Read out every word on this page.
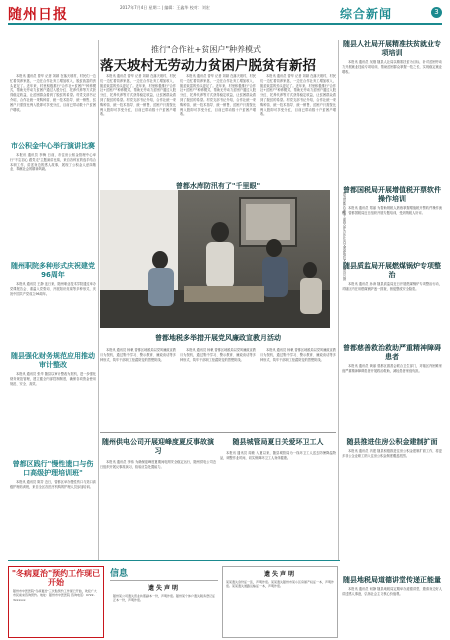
随州日报	2017年7月4日 星期二 | 编辑：王鑫华 校对：刘宏	综合新闻	3
推行"合作社+贫困户"种养模式
落天坡村无劳动力贫困户脱贫有新招
本报讯 通讯员 曾华 记者 刘颖 在落天坡村，村民们一边忙着饲养家禽，一边在合作社务工增加收入，脱贫致富的劲头更足了。近年来，村里积极推行"合作社+贫困户"种养模式，帮助无劳动力贫困户通过入股分红、托养代养等方式获得稳定收益，让贫困群众看到了脱贫的希望。村党支部书记介绍，合作社统一采购种苗、统一技术指导、统一销售，贫困户只需按比例入股即可享受分红，目前已带动数十户贫困户增收。
本报讯 通讯员 曾华 记者 刘颖 在落天坡村，村民们一边忙着饲养家禽，一边在合作社务工增加收入，脱贫致富的劲头更足了。近年来，村里积极推行"合作社+贫困户"种养模式，帮助无劳动力贫困户通过入股分红、托养代养等方式获得稳定收益，让贫困群众看到了脱贫的希望。村党支部书记介绍，合作社统一采购种苗、统一技术指导、统一销售，贫困户只需按比例入股即可享受分红，目前已带动数十户贫困户增收。
本报讯 通讯员 曾华 记者 刘颖 在落天坡村，村民们一边忙着饲养家禽，一边在合作社务工增加收入，脱贫致富的劲头更足了。近年来，村里积极推行"合作社+贫困户"种养模式，帮助无劳动力贫困户通过入股分红、托养代养等方式获得稳定收益，让贫困群众看到了脱贫的希望。村党支部书记介绍，合作社统一采购种苗、统一技术指导、统一销售，贫困户只需按比例入股即可享受分红，目前已带动数十户贫困户增收。
本报讯 通讯员 曾华 记者 刘颖 在落天坡村，村民们一边忙着饲养家禽，一边在合作社务工增加收入，脱贫致富的劲头更足了。近年来，村里积极推行"合作社+贫困户"种养模式，帮助无劳动力贫困户通过入股分红、托养代养等方式获得稳定收益，让贫困群众看到了脱贫的希望。村党支部书记介绍，合作社统一采购种苗、统一技术指导、统一销售，贫困户只需按比例入股即可享受分红，目前已带动数十户贫困户增收。
市公积金中心举行演讲比赛
本报讯 通讯员 李梅 日前，市住房公积金管理中心举行"不忘初心 跟党走"主题演讲比赛，来自各科室的选手结合本职工作，讲述身边的感人故事，展现了公积金人爱岗敬业、奉献社会的精神风貌。
随州职院多种形式庆祝建党96周年
本报讯 通讯员 王静 连日来，随州职业技术学院通过举办党课报告会、重温入党誓词、开展知识竞赛等多种形式，庆祝中国共产党成立96周年。
随县强化财务规范应用推动审计整改
本报讯 通讯员 张华 随县以审计整改为契机，进一步强化财务规范管理，建立健全内部控制制度，确保各项资金使用规范、安全、高效。
曾都区践行"慢性遗口与伤口高级护理培训班"
本报讯 通讯员 陈芳 近日，曾都区举办慢性伤口与造口高级护理培训班，来自全区各医疗机构的护理人员参加培训。
曾都水库防汛有了"千里眼"
图为曾都区某镇干部群众在合作社内交流养殖技术。 通讯员 摄
曾都地税多举措开展党风廉政宣教月活动
本报讯 通讯员 杨帆 曾都区地税局以党风廉政宣教月为契机，通过集中学习、警示教育、廉政谈话等多种形式，筑牢干部职工拒腐防变的思想防线。
本报讯 通讯员 杨帆 曾都区地税局以党风廉政宣教月为契机，通过集中学习、警示教育、廉政谈话等多种形式，筑牢干部职工拒腐防变的思想防线。
本报讯 通讯员 杨帆 曾都区地税局以党风廉政宣教月为契机，通过集中学习、警示教育、廉政谈话等多种形式，筑牢干部职工拒腐防变的思想防线。
随州供电公司开展迎峰度夏反事故演习
本报讯 通讯员 李伟 为确保迎峰度夏期间电网安全稳定运行，随州供电公司近日组织开展反事故演习，检验应急处置能力。
随县城管局夏日关爱环卫工人
本报讯 通讯员 周敏 入夏以来，随县城管局为一线环卫工人送去防暑降温物品，调整作业时间，切实保障环卫工人身体健康。
随县人社局开展精准扶贫就业专项培训
本报讯 通讯员 吴刚 随县人社局以精准扶贫为目标，针对贫困劳动力开展就业技能专项培训，帮助贫困群众掌握一技之长，实现稳定就业增收。
曾都国税局开展增值税开票软件操作培训
本报讯 通讯员 郑丽 为帮助纳税人熟练掌握增值税开票软件操作流程，曾都国税局近日组织开展专题培训，受到纳税人好评。
随县质监局开展燃煤锅炉专项整治
本报讯 通讯员 孙涛 随县质监局近日开展燃煤锅炉专项整治行动，对辖区内在用燃煤锅炉逐一排查，督促整改安全隐患。
曾都慈善救治救助严重精神障碍患者
本报讯 通讯员 黄丽 曾都区慈善会联合卫生部门，对辖区内困难家庭严重精神障碍患者开展救治救助，减轻患者家庭负担。
随县推进住房公积金建制扩面
本报讯 通讯员 冯建 随县积极推进住房公积金建制扩面工作，将更多非公企业职工纳入住房公积金制度覆盖范围。
随县地税局道德讲堂传递正能量
本报讯 通讯员 何静 随县地税局定期举办道德讲堂，邀请身边好人讲述感人事迹，弘扬社会主义核心价值观。
"冬病夏治"预约工作现已开始
随州市中医医院"冬病夏治"三伏贴预约工作现已开始，欢迎广大市民前来咨询预约。地址：随州市中医医院 咨询电话：0722-3xxxxxx
信息
遗失声明
随州某公司遗失营业执照副本一份，声明作废。随州某个体户遗失税务登记证正本一份，声明作废。
遗失声明
某某遗失身份证一张，声明作废。某某遗失随州市某小区房屋产权证一本，声明作废。某某遗失道路运输证一本，声明作废。
